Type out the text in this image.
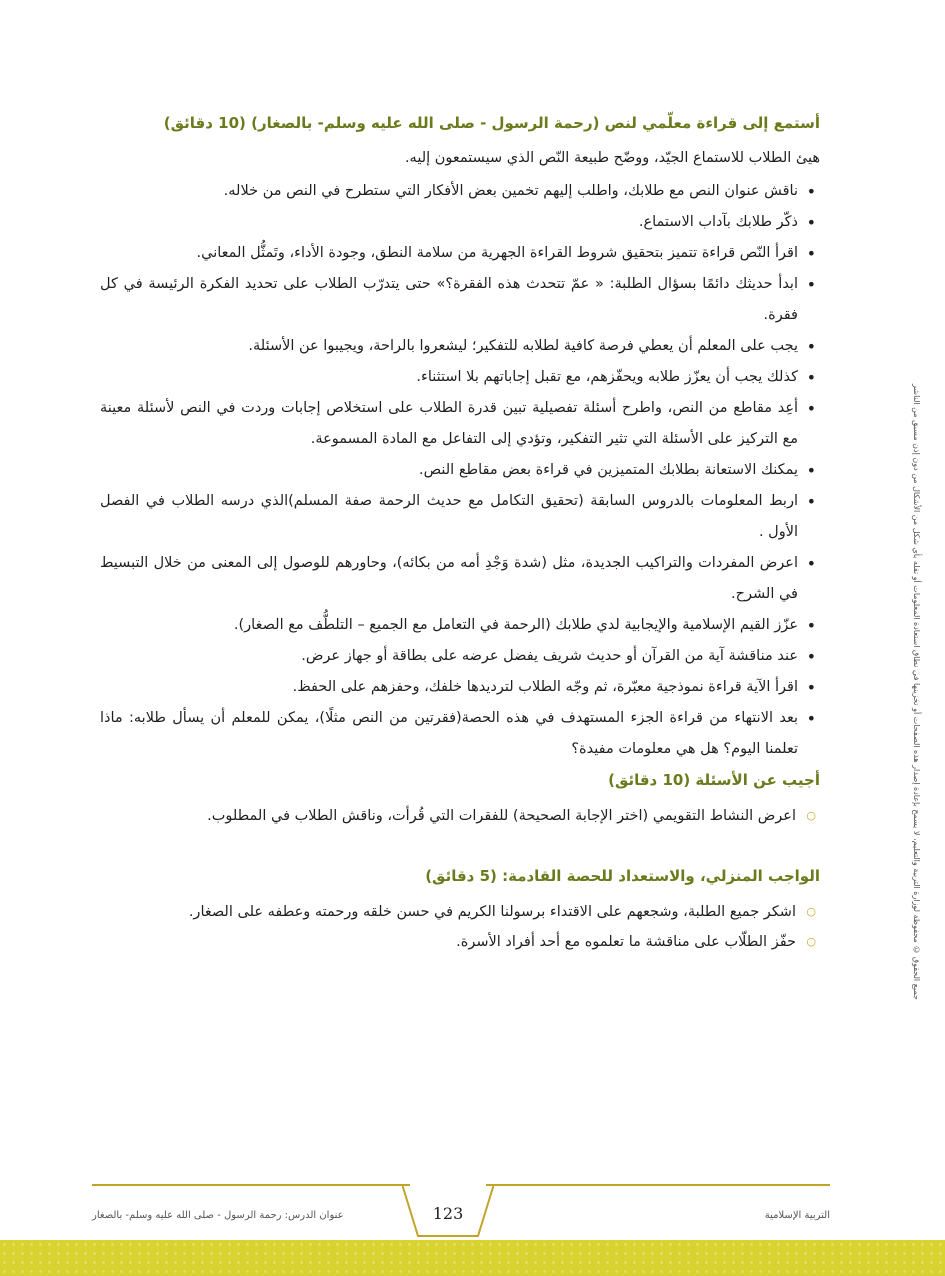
أستمع إلى قراءة معلّمي لنص (رحمة الرسول - صلى الله عليه وسلم- بالصغار) (10 دقائق)

هيئ الطلاب للاستماع الجيّد، ووضّح طبيعة النّص الذي سيستمعون إليه.

• ناقش عنوان النص مع طلابك، واطلب إليهم تخمين بعض الأفكار التي ستطرح في النص من خلاله.
• ذكّر طلابك بآداب الاستماع.
• اقرأ النّص قراءة تتميز بتحقيق شروط القراءة الجهرية من سلامة النطق، وجودة الأداء، وتَمثُّل المعاني.
• ابدأ حديثك دائمًا بسؤال الطلبة: « عمّ تتحدث هذه الفقرة؟» حتى يتدرّب الطلاب على تحديد الفكرة الرئيسة في كل فقرة.
• يجب على المعلم أن يعطي فرصة كافية لطلابه للتفكير؛ ليشعروا بالراحة، ويجيبوا عن الأسئلة.
• كذلك يجب أن يعزّز طلابه ويحفّزهم، مع تقبل إجاباتهم بلا استثناء.
• أعِد مقاطع من النص، واطرح أسئلة تفصيلية تبين قدرة الطلاب على استخلاص إجابات وردت في النص لأسئلة معينة مع التركيز على الأسئلة التي تثير التفكير، وتؤدي إلى التفاعل مع المادة المسموعة.
• يمكنك الاستعانة بطلابك المتميزين في قراءة بعض مقاطع النص.
• اربط المعلومات بالدروس السابقة (تحقيق التكامل مع حديث الرحمة صفة المسلم)الذي درسه الطلاب في الفصل الأول .
• اعرض المفردات والتراكيب الجديدة، مثل (شدة وَجْدِ أمه من بكائه)، وحاورهم للوصول إلى المعنى من خلال التبسيط في الشرح.
• عزّز القيم الإسلامية والإيجابية لدي طلابك (الرحمة في التعامل مع الجميع – التلطُّف مع الصغار).
• عند مناقشة آية من القرآن أو حديث شريف يفضل عرضه على بطاقة أو جهاز عرض.
• اقرأ الآية قراءة نموذجية معبّرة، ثم وجّه الطلاب لترديدها خلفك، وحفزهم على الحفظ.
• بعد الانتهاء من قراءة الجزء المستهدف في هذه الحصة(فقرتين من النص مثلًا)، يمكن للمعلم أن يسأل طلابه: ماذا تعلمنا اليوم؟ هل هي معلومات مفيدة؟

أجيب عن الأسئلة (10 دقائق)

○ اعرض النشاط التقويمي (اختر الإجابة الصحيحة) للفقرات التي قُرأت، وناقش الطلاب في المطلوب.

الواجب المنزلي، والاستعداد للحصة القادمة: (5 دقائق)

○ اشكر جميع الطلبة، وشجعهم على الاقتداء برسولنا الكريم في حسن خلقه ورحمته وعطفه على الصغار.
○ حفّز الطلّاب على مناقشة ما تعلموه مع أحد أفراد الأسرة.	جميع الحقوق © محفوظة لوزارة التربية والتعليم، لا يسمح بإعادة إصدار هذه الصفحات أو تخزينها في نطاق استعادة المعلومات أو نقله بأي شكل من الأشكال من دون إذن مسبق من الناشر
123	التربية الإسلامية
عنوان الدرس: رحمة الرسول - صلى الله عليه وسلم- بالصغار
